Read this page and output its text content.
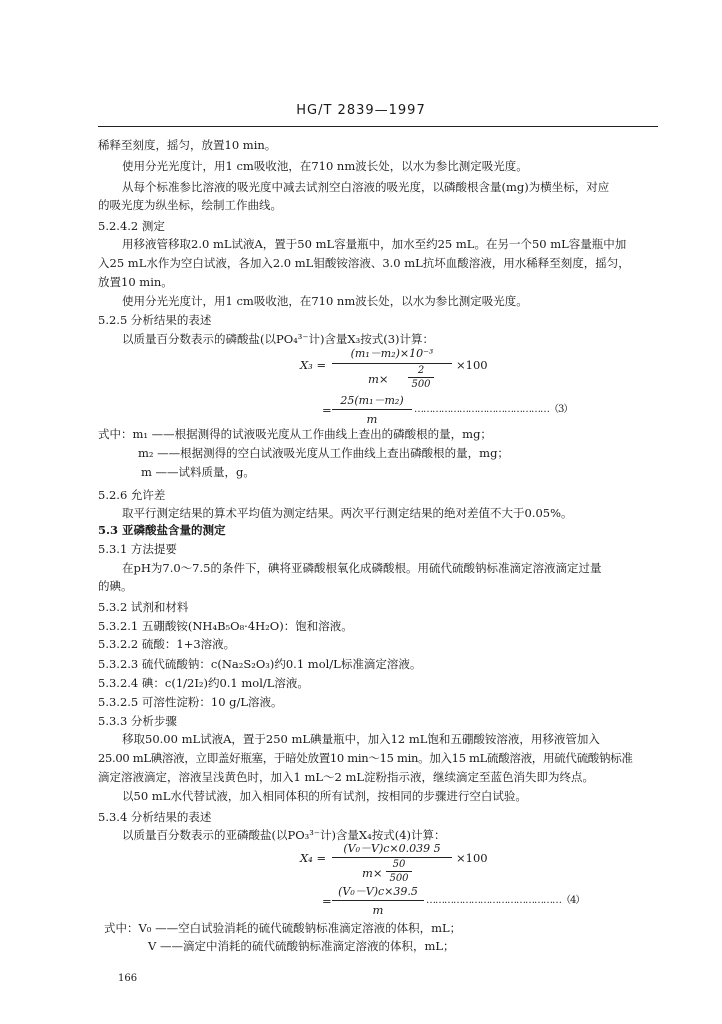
HG/T 2839—1997
稀释至刻度，摇匀，放置10 min。
使用分光光度计，用1 cm吸收池，在710 nm波长处，以水为参比测定吸光度。
从每个标准参比溶液的吸光度中减去试剂空白溶液的吸光度，以磷酸根含量(mg)为横坐标，对应
的吸光度为纵坐标，绘制工作曲线。
5.2.4.2 测定
用移液管移取2.0 mL试液A，置于50 mL容量瓶中，加水至约25 mL。在另一个50 mL容量瓶中加
入25 mL水作为空白试液，各加入2.0 mL钼酸铵溶液、3.0 mL抗坏血酸溶液，用水稀释至刻度，摇匀，
放置10 min。
使用分光光度计，用1 cm吸收池，在710 nm波长处，以水为参比测定吸光度。
5.2.5 分析结果的表述
以质量百分数表示的磷酸盐(以PO₄³⁻计)含量X₃按式(3)计算：
X₃ =
(m₁－m₂)×10⁻³
m×
2
500
×100
=
25(m₁－m₂)
m
………………………………………（3）
式中：m₁ ——根据测得的试液吸光度从工作曲线上查出的磷酸根的量，mg；
m₂ ——根据测得的空白试液吸光度从工作曲线上查出磷酸根的量，mg；
m ——试料质量，g。
5.2.6 允许差
取平行测定结果的算术平均值为测定结果。两次平行测定结果的绝对差值不大于0.05%。
5.3 亚磷酸盐含量的测定
5.3.1 方法提要
在pH为7.0～7.5的条件下，碘将亚磷酸根氧化成磷酸根。用硫代硫酸钠标准滴定溶液滴定过量
的碘。
5.3.2 试剂和材料
5.3.2.1 五硼酸铵(NH₄B₅O₈·4H₂O)：饱和溶液。
5.3.2.2 硫酸：1+3溶液。
5.3.2.3 硫代硫酸钠：c(Na₂S₂O₃)约0.1 mol/L标准滴定溶液。
5.3.2.4 碘：c(1/2I₂)约0.1 mol/L溶液。
5.3.2.5 可溶性淀粉：10 g/L溶液。
5.3.3 分析步骤
移取50.00 mL试液A，置于250 mL碘量瓶中，加入12 mL饱和五硼酸铵溶液，用移液管加入
25.00 mL碘溶液，立即盖好瓶塞，于暗处放置10 min～15 min。加入15 mL硫酸溶液，用硫代硫酸钠标准
滴定溶液滴定，溶液呈浅黄色时，加入1 mL～2 mL淀粉指示液，继续滴定至蓝色消失即为终点。
以50 mL水代替试液，加入相同体积的所有试剂，按相同的步骤进行空白试验。
5.3.4 分析结果的表述
以质量百分数表示的亚磷酸盐(以PO₃³⁻计)含量X₄按式(4)计算：
X₄ =
(V₀－V)c×0.039 5
m×
50
500
×100
=
(V₀－V)c×39.5
m
………………………………………（4）
式中：V₀ ——空白试验消耗的硫代硫酸钠标准滴定溶液的体积，mL；
V ——滴定中消耗的硫代硫酸钠标准滴定溶液的体积，mL；
166
